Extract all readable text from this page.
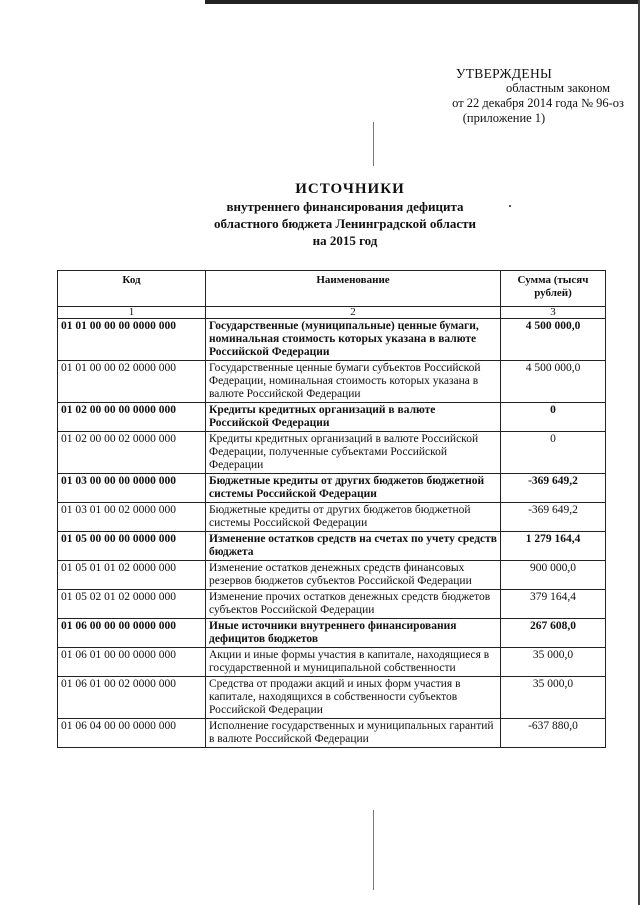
УТВЕРЖДЕНЫ
областным законом
от 22 декабря 2014 года № 96-оз
(приложение 1)
ИСТОЧНИКИ
внутреннего финансирования дефицита
областного бюджета Ленинградской области
на 2015 год
Код	Наименование	Сумма (тысяч рублей)
1	2	3
01 01 00 00 00 0000 000	Государственные (муниципальные) ценные бумаги, номинальная стоимость которых указана в валюте Российской Федерации	4 500 000,0
01 01 00 00 02 0000 000	Государственные ценные бумаги субъектов Российской Федерации, номинальная стоимость которых указана в валюте Российской Федерации	4 500 000,0
01 02 00 00 00 0000 000	Кредиты кредитных организаций в валюте Российской Федерации	0
01 02 00 00 02 0000 000	Кредиты кредитных организаций в валюте Российской Федерации, полученные субъектами Российской Федерации	0
01 03 00 00 00 0000 000	Бюджетные кредиты от других бюджетов бюджетной системы Российской Федерации	-369 649,2
01 03 01 00 02 0000 000	Бюджетные кредиты от других бюджетов бюджетной системы Российской Федерации	-369 649,2
01 05 00 00 00 0000 000	Изменение остатков средств на счетах по учету средств бюджета	1 279 164,4
01 05 01 01 02 0000 000	Изменение остатков денежных средств финансовых резервов бюджетов субъектов Российской Федерации	900 000,0
01 05 02 01 02 0000 000	Изменение прочих остатков денежных средств бюджетов субъектов Российской Федерации	379 164,4
01 06 00 00 00 0000 000	Иные источники внутреннего финансирования дефицитов бюджетов	267 608,0
01 06 01 00 00 0000 000	Акции и иные формы участия в капитале, находящиеся в государственной и муниципальной собственности	35 000,0
01 06 01 00 02 0000 000	Средства от продажи акций и иных форм участия в капитале, находящихся в собственности субъектов Российской Федерации	35 000,0
01 06 04 00 00 0000 000	Исполнение государственных и муниципальных гарантий в валюте Российской Федерации	-637 880,0
